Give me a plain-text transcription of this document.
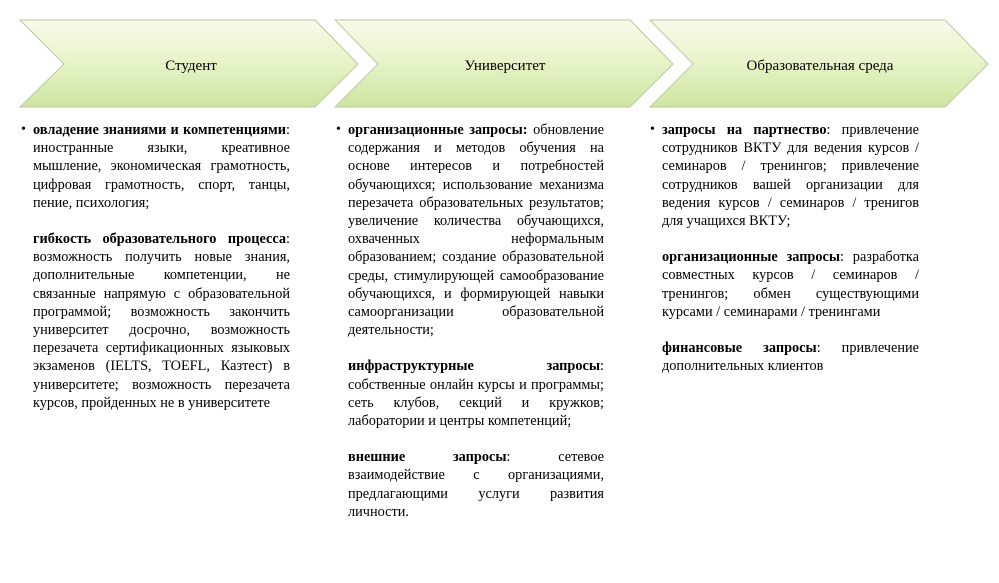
Студент	Университет	Образовательная среда
• овладение знаниями и компетенциями: иностранные языки, креативное мышление, экономическая грамотность, цифровая грамотность, спорт, танцы, пение, психология;
гибкость образовательного процесса: возможность получить новые знания, дополнительные компетенции, не связанные напрямую с образовательной программой; возможность закончить университет досрочно, возможность перезачета сертификационных языковых экзаменов (IELTS, TOEFL, Казтест) в университете; возможность перезачета курсов, пройденных не в университете
• организационные запросы: обновление содержания и методов обучения на основе интересов и потребностей обучающихся; использование механизма перезачета образовательных результатов; увеличение количества обучающихся, охваченных неформальным образованием; создание образовательной среды, стимулирующей самообразование обучающихся, и формирующей навыки самоорганизации образовательной деятельности;
инфраструктурные запросы: собственные онлайн курсы и программы; сеть клубов, секций и кружков; лаборатории и центры компетенций;
внешние запросы: сетевое взаимодействие с организациями, предлагающими услуги развития личности.
• запросы на партнество: привлечение сотрудников ВКТУ для ведения курсов / семинаров / тренингов; привлечение сотрудников вашей организации для ведения курсов / семинаров / тренигов для учащихся ВКТУ;
организационные запросы: разработка совместных курсов / семинаров / тренингов; обмен существующими курсами / семинарами / тренингами
финансовые запросы: привлечение дополнительных клиентов
